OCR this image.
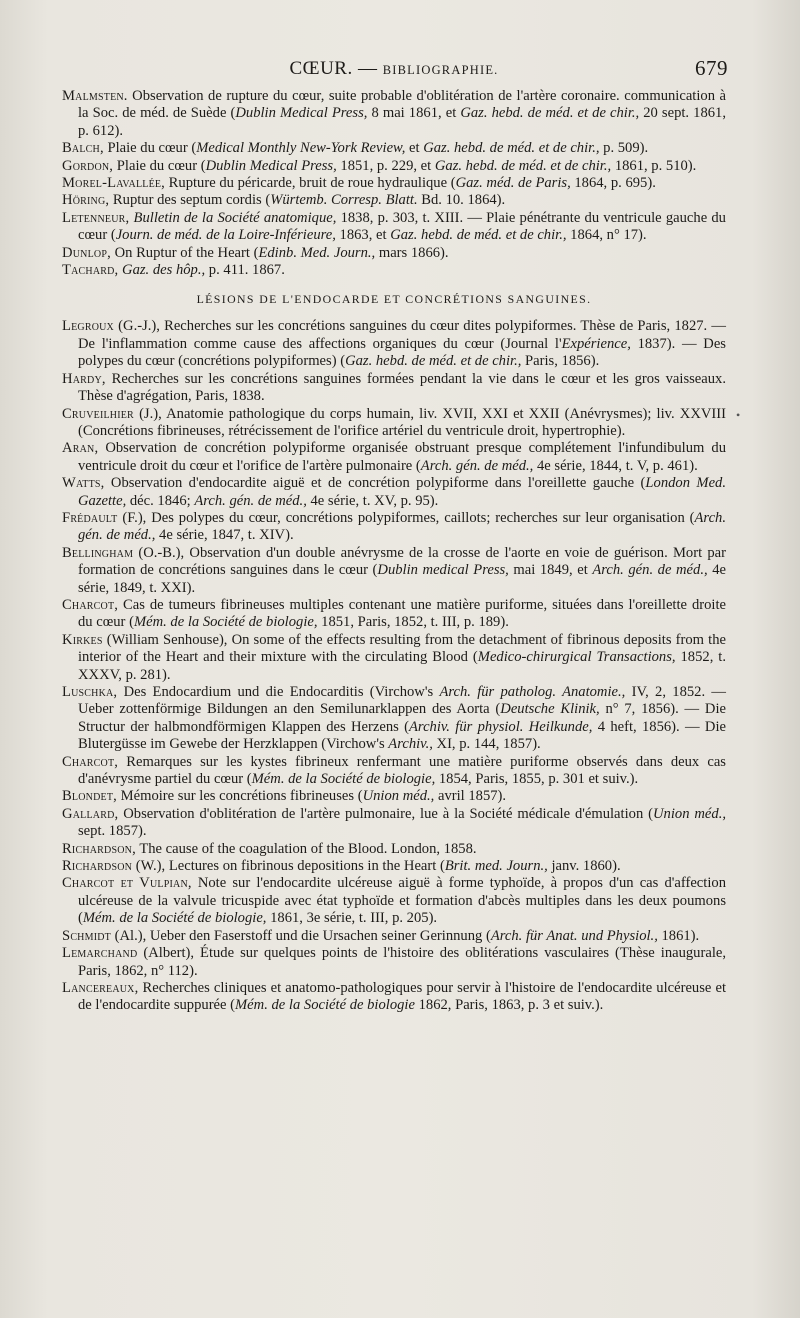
CŒUR. — BIBLIOGRAPHIE.	679

Malmsten. Observation de rupture du cœur, suite probable d'oblitération de l'artère coronaire. communication à la Soc. de méd. de Suède (Dublin Medical Press, 8 mai 1861, et Gaz. hebd. de méd. et de chir., 20 sept. 1861, p. 612).

Balch, Plaie du cœur (Medical Monthly New-York Review, et Gaz. hebd. de méd. et de chir., p. 509).

Gordon, Plaie du cœur (Dublin Medical Press, 1851, p. 229, et Gaz. hebd. de méd. et de chir., 1861, p. 510).

Morel-Lavallée, Rupture du péricarde, bruit de roue hydraulique (Gaz. méd. de Paris, 1864, p. 695).

Höring, Ruptur des septum cordis (Würtemb. Corresp. Blatt. Bd. 10. 1864).

Letenneur, Bulletin de la Société anatomique, 1838, p. 303, t. XIII. — Plaie pénétrante du ventricule gauche du cœur (Journ. de méd. de la Loire-Inférieure, 1863, et Gaz. hebd. de méd. et de chir., 1864, n° 17).

Dunlop, On Ruptur of the Heart (Edinb. Med. Journ., mars 1866).

Tachard, Gaz. des hôp., p. 411. 1867.

LÉSIONS DE L'ENDOCARDE ET CONCRÉTIONS SANGUINES.

Legroux (G.-J.), Recherches sur les concrétions sanguines du cœur dites polypiformes. Thèse de Paris, 1827. — De l'inflammation comme cause des affections organiques du cœur (Journal l'Expérience, 1837). — Des polypes du cœur (concrétions polypiformes) (Gaz. hebd. de méd. et de chir., Paris, 1856).

Hardy, Recherches sur les concrétions sanguines formées pendant la vie dans le cœur et les gros vaisseaux. Thèse d'agrégation, Paris, 1838.

Cruveilhier (J.), Anatomie pathologique du corps humain, liv. XVII, XXI et XXII (Anévrysmes); liv. XXVIII (Concrétions fibrineuses, rétrécissement de l'orifice artériel du ventricule droit, hypertrophie).

Aran, Observation de concrétion polypiforme organisée obstruant presque complétement l'infundibulum du ventricule droit du cœur et l'orifice de l'artère pulmonaire (Arch. gén. de méd., 4e série, 1844, t. V, p. 461).

Watts, Observation d'endocardite aiguë et de concrétion polypiforme dans l'oreillette gauche (London Med. Gazette, déc. 1846; Arch. gén. de méd., 4e série, t. XV, p. 95).

Frédault (F.), Des polypes du cœur, concrétions polypiformes, caillots; recherches sur leur organisation (Arch. gén. de méd., 4e série, 1847, t. XIV).

Bellingham (O.-B.), Observation d'un double anévrysme de la crosse de l'aorte en voie de guérison. Mort par formation de concrétions sanguines dans le cœur (Dublin medical Press, mai 1849, et Arch. gén. de méd., 4e série, 1849, t. XXI).

Charcot, Cas de tumeurs fibrineuses multiples contenant une matière puriforme, situées dans l'oreillette droite du cœur (Mém. de la Société de biologie, 1851, Paris, 1852, t. III, p. 189).

Kirkes (William Senhouse), On some of the effects resulting from the detachment of fibrinous deposits from the interior of the Heart and their mixture with the circulating Blood (Medico-chirurgical Transactions, 1852, t. XXXV, p. 281).

Luschka, Des Endocardium und die Endocarditis (Virchow's Arch. für patholog. Anatomie., IV, 2, 1852. — Ueber zottenförmige Bildungen an den Semilunarklappen des Aorta (Deutsche Klinik, n° 7, 1856). — Die Structur der halbmondförmigen Klappen des Herzens (Archiv. für physiol. Heilkunde, 4 heft, 1856). — Die Blutergüsse im Gewebe der Herzklappen (Virchow's Archiv., XI, p. 144, 1857).

Charcot, Remarques sur les kystes fibrineux renfermant une matière puriforme observés dans deux cas d'anévrysme partiel du cœur (Mém. de la Société de biologie, 1854, Paris, 1855, p. 301 et suiv.).

Blondet, Mémoire sur les concrétions fibrineuses (Union méd., avril 1857).

Gallard, Observation d'oblitération de l'artère pulmonaire, lue à la Société médicale d'émulation (Union méd., sept. 1857).

Richardson, The cause of the coagulation of the Blood. London, 1858.

Richardson (W.), Lectures on fibrinous depositions in the Heart (Brit. med. Journ., janv. 1860).

Charcot et Vulpian, Note sur l'endocardite ulcéreuse aiguë à forme typhoïde, à propos d'un cas d'affection ulcéreuse de la valvule tricuspide avec état typhoïde et formation d'abcès multiples dans les deux poumons (Mém. de la Société de biologie, 1861, 3e série, t. III, p. 205).

Schmidt (Al.), Ueber den Faserstoff und die Ursachen seiner Gerinnung (Arch. für Anat. und Physiol., 1861).

Lemarchand (Albert), Étude sur quelques points de l'histoire des oblitérations vasculaires (Thèse inaugurale, Paris, 1862, n° 112).

Lancereaux, Recherches cliniques et anatomo-pathologiques pour servir à l'histoire de l'endocardite ulcéreuse et de l'endocardite suppurée (Mém. de la Société de biologie 1862, Paris, 1863, p. 3 et suiv.).

•
